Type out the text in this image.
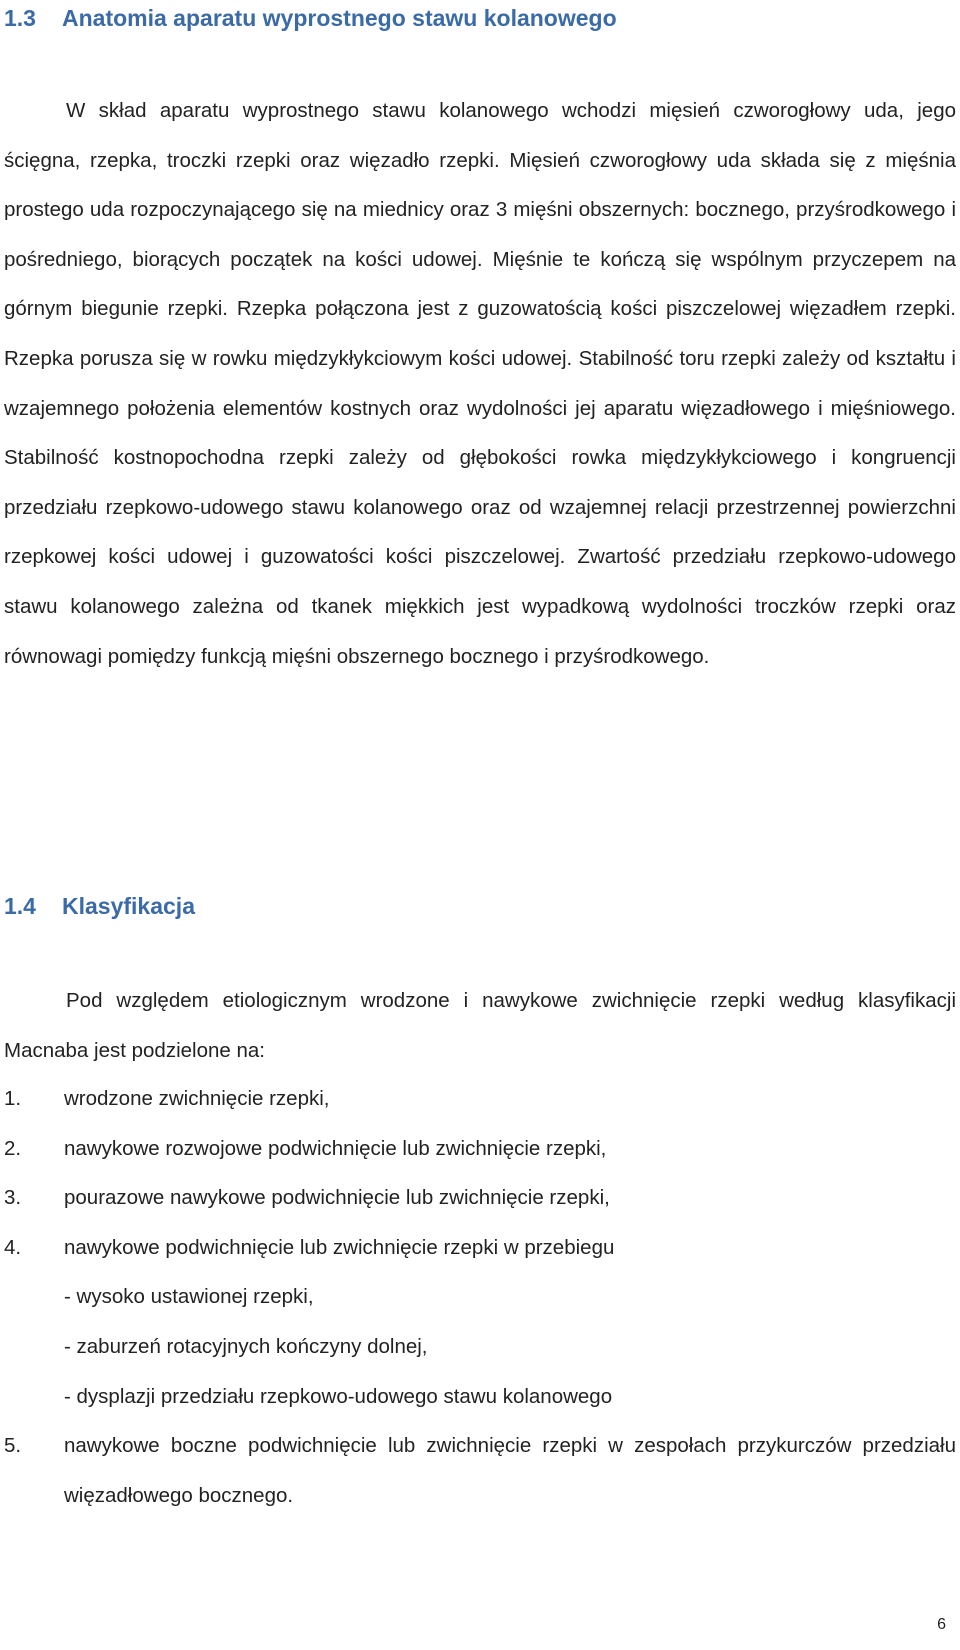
1.3 Anatomia aparatu wyprostnego stawu kolanowego

W skład aparatu wyprostnego stawu kolanowego wchodzi mięsień czworogłowy uda, jego ścięgna, rzepka, troczki rzepki oraz więzadło rzepki. Mięsień czworogłowy uda składa się z mięśnia prostego uda rozpoczynającego się na miednicy oraz 3 mięśni obszernych: bocznego, przyśrodkowego i pośredniego, biorących początek na kości udowej. Mięśnie te kończą się wspólnym przyczepem na górnym biegunie rzepki. Rzepka połączona jest z guzowatością kości piszczelowej więzadłem rzepki. Rzepka porusza się w rowku międzykłykciowym kości udowej. Stabilność toru rzepki zależy od kształtu i wzajemnego położenia elementów kostnych oraz wydolności jej aparatu więzadłowego i mięśniowego. Stabilność kostnopochodna rzepki zależy od głębokości rowka międzykłykciowego i kongruencji przedziału rzepkowo-udowego stawu kolanowego oraz od wzajemnej relacji przestrzennej powierzchni rzepkowej kości udowej i guzowatości kości piszczelowej. Zwartość przedziału rzepkowo-udowego stawu kolanowego zależna od tkanek miękkich jest wypadkową wydolności troczków rzepki oraz równowagi pomiędzy funkcją mięśni obszernego bocznego i przyśrodkowego.

1.4 Klasyfikacja

Pod względem etiologicznym wrodzone i nawykowe zwichnięcie rzepki według klasyfikacji Macnaba jest podzielone na:

1.	wrodzone zwichnięcie rzepki,
2.	nawykowe rozwojowe podwichnięcie lub zwichnięcie rzepki,
3.	pourazowe nawykowe podwichnięcie lub zwichnięcie rzepki,
4.	nawykowe podwichnięcie lub zwichnięcie rzepki w przebiegu
- wysoko ustawionej rzepki,
- zaburzeń rotacyjnych kończyny dolnej,
- dysplazji przedziału rzepkowo-udowego stawu kolanowego
5.	nawykowe boczne podwichnięcie lub zwichnięcie rzepki w zespołach przykurczów przedziału więzadłowego bocznego.
6
